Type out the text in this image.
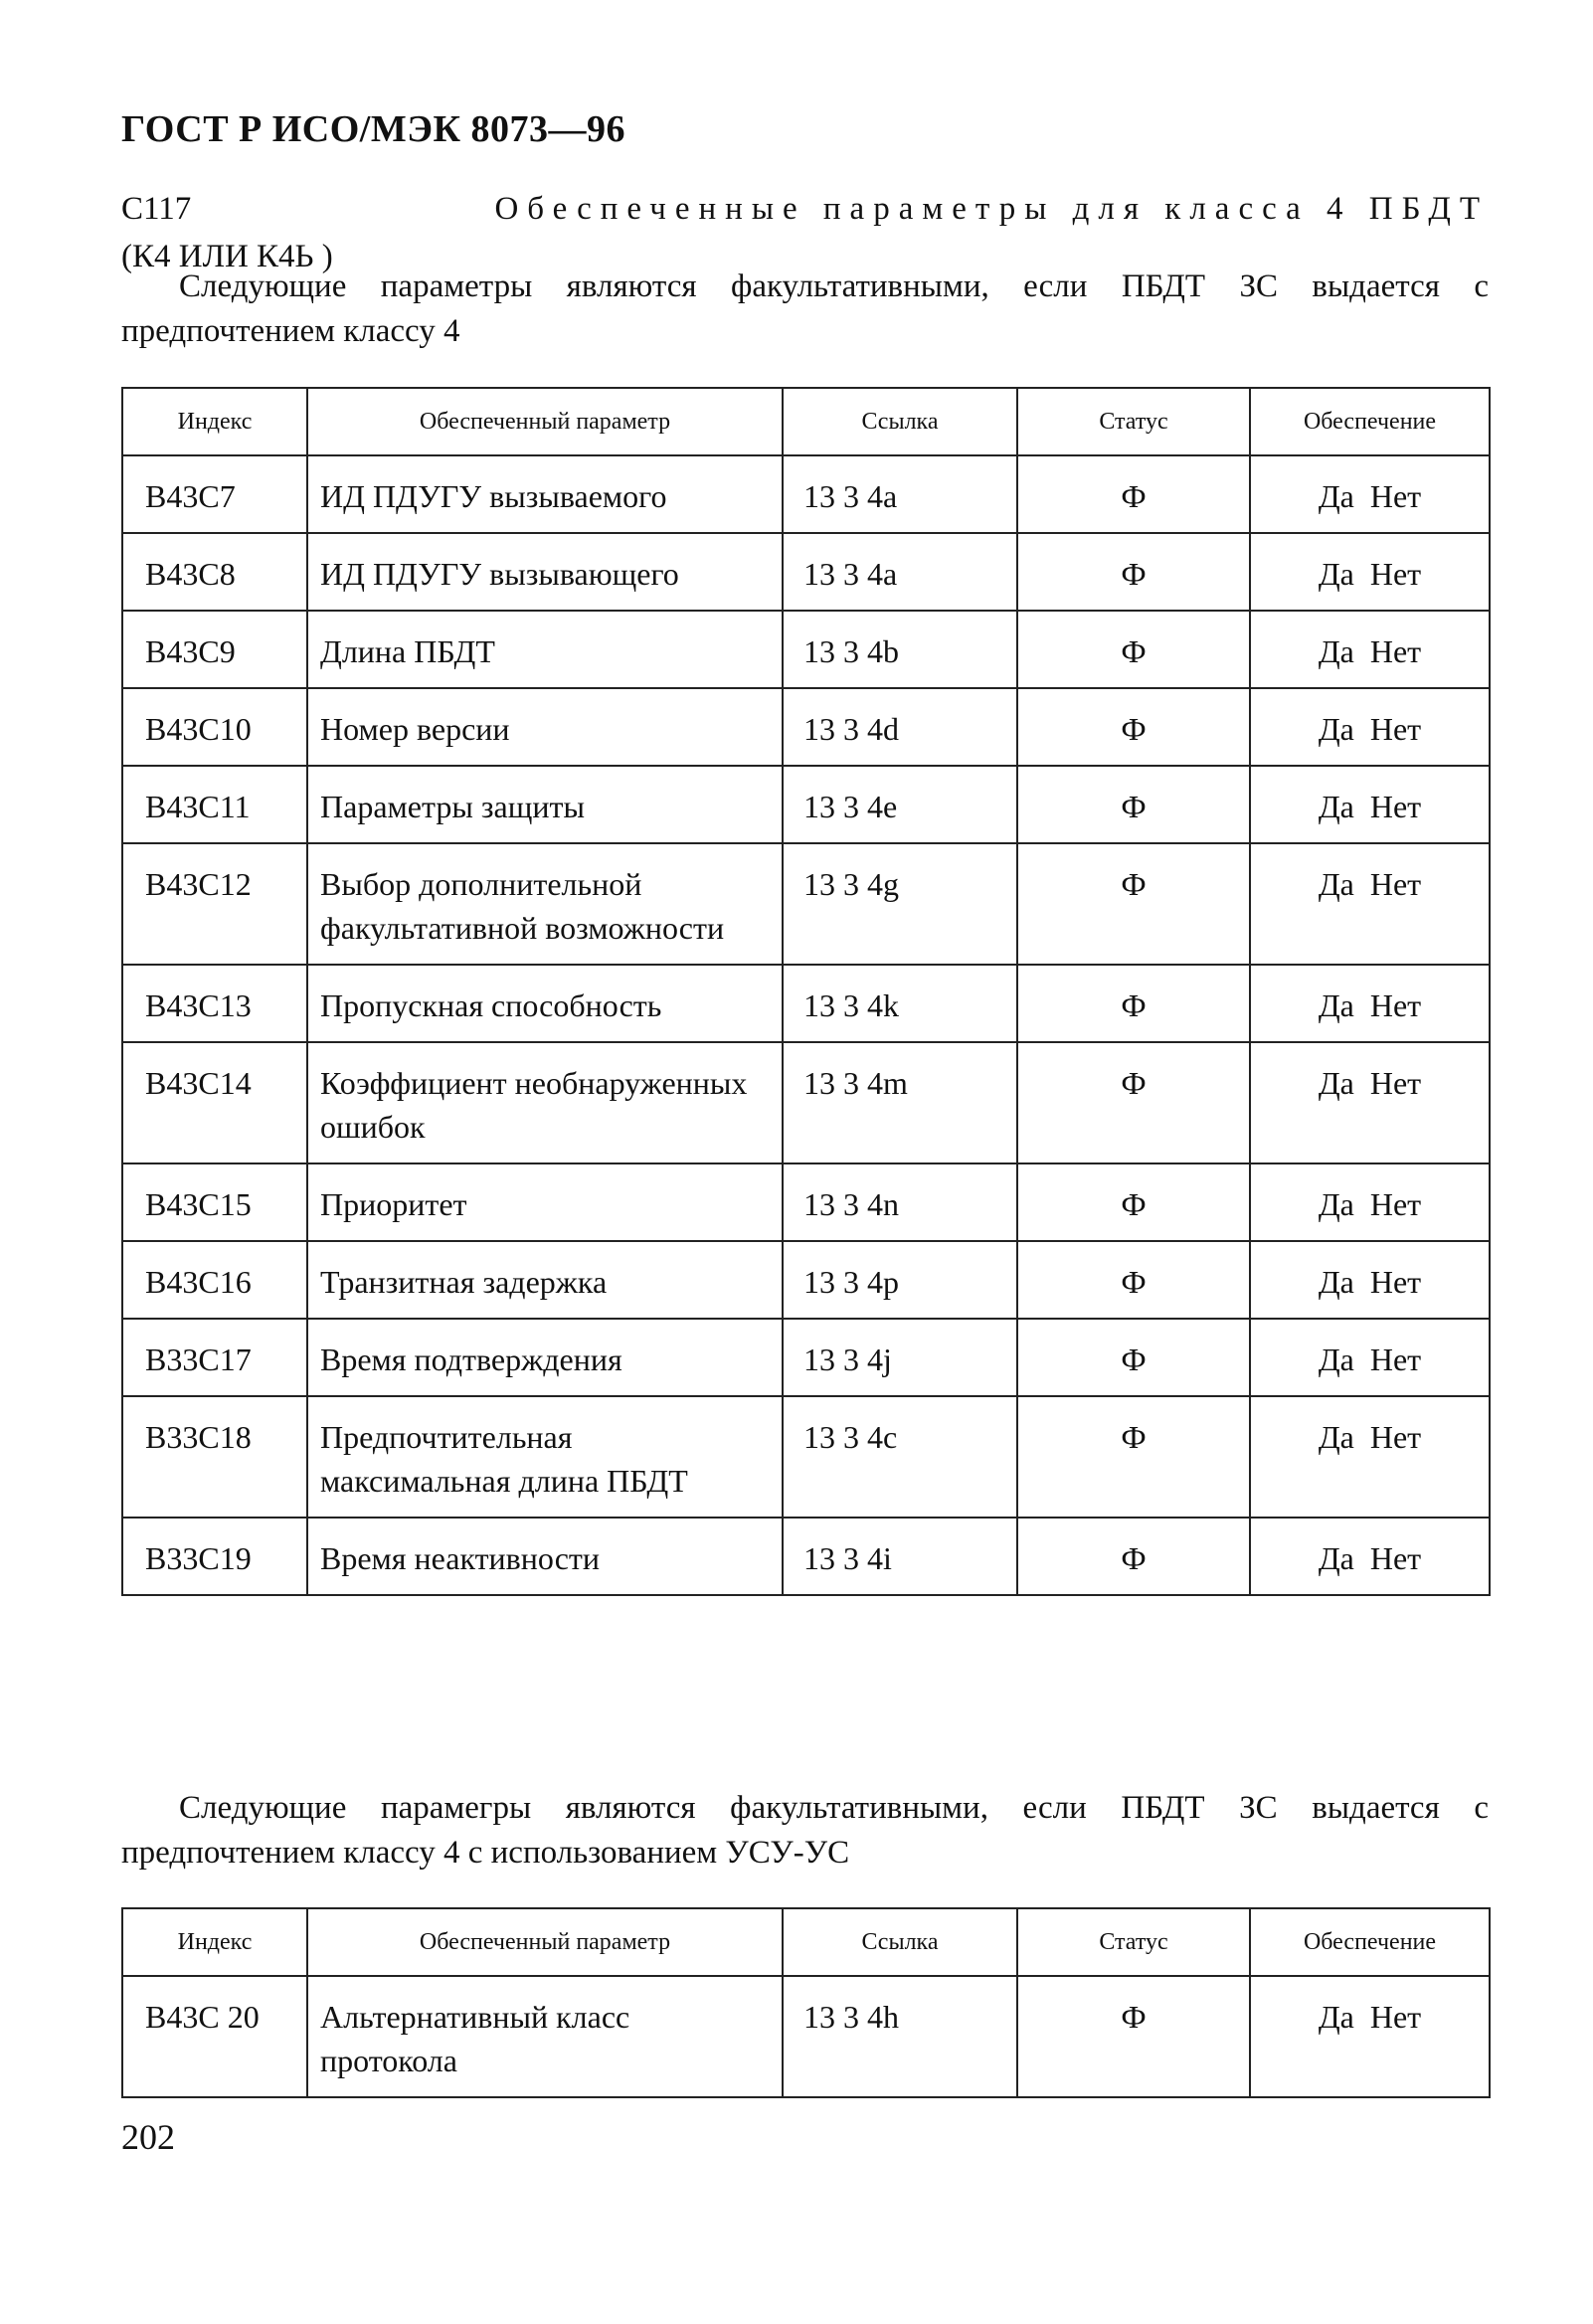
ГОСТ Р ИСО/МЭК 8073—96
С117	Обеспеченные параметры для класса 4 ПБДТ
(К4 ИЛИ К4Ь )
Следующие параметры являются факультативными, если ПБДТ ЗС выдается с предпочтением классу 4
Индекс	Обеспеченный параметр	Ссылка	Статус	Обеспечение
В43С7	ИД ПДУГУ вызываемого	13 3 4a	Ф	Да  Нет
В43С8	ИД ПДУГУ вызывающего	13 3 4a	Ф	Да  Нет
В43С9	Длина ПБДТ	13 3 4b	Ф	Да  Нет
В43С10	Номер версии	13 3 4d	Ф	Да  Нет
В43С11	Параметры защиты	13 3 4e	Ф	Да  Нет
В43С12	Выбор дополнительной факультативной возможности	13 3 4g	Ф	Да  Нет
В43С13	Пропускная способность	13 3 4k	Ф	Да  Нет
В43С14	Коэффициент необнаруженных ошибок	13 3 4m	Ф	Да  Нет
В43С15	Приоритет	13 3 4n	Ф	Да  Нет
В43С16	Транзитная задержка	13 3 4p	Ф	Да  Нет
В33С17	Время подтверждения	13 3 4j	Ф	Да  Нет
В33С18	Предпочтительная максимальная длина ПБДТ	13 3 4c	Ф	Да  Нет
В33С19	Время неактивности	13 3 4i	Ф	Да  Нет
Следующие парамегры являются факультативными, если ПБДТ ЗС выдается с предпочтением классу 4 с использованием УСУ-УС
Индекс	Обеспеченный параметр	Ссылка	Статус	Обеспечение
В43С 20	Альтернативный класс протокола	13 3 4h	Ф	Да  Нет
202
